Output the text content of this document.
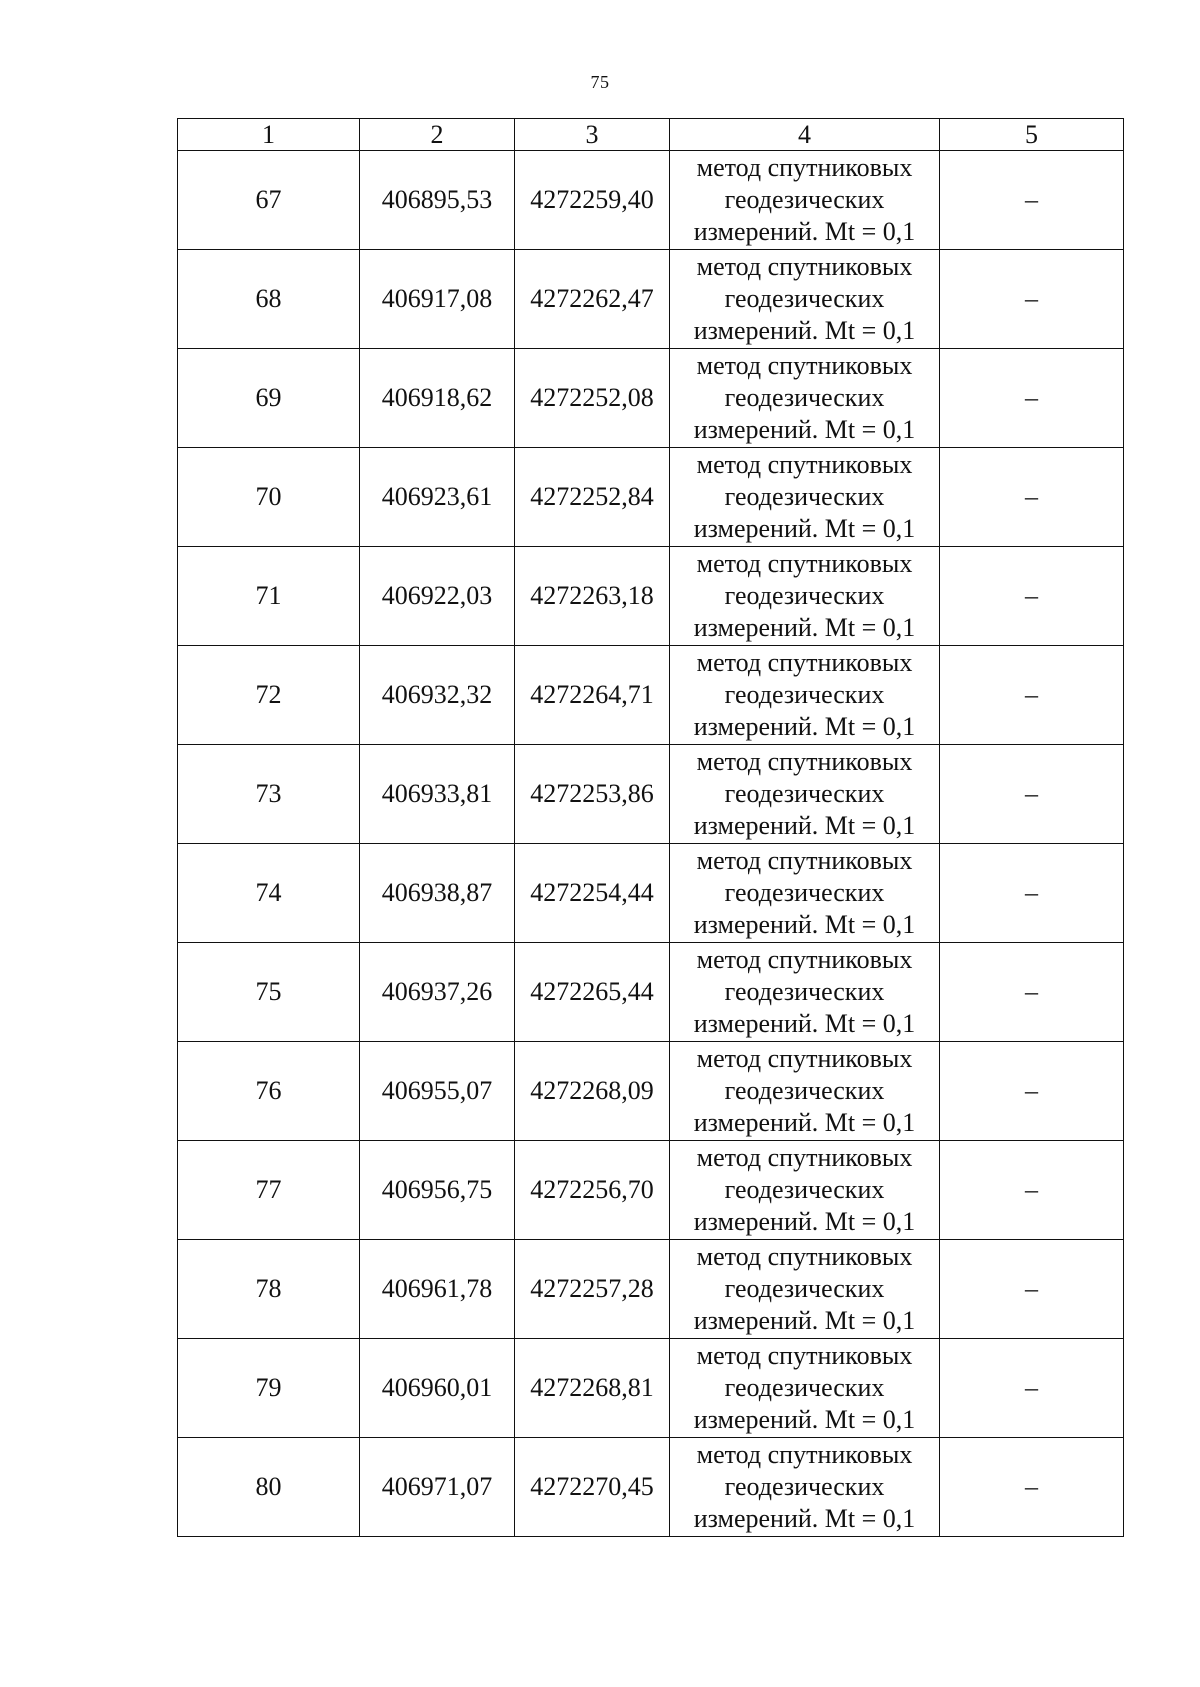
75
1	2	3	4	5
67	406895,53	4272259,40	метод спутниковых
геодезических
измерений. Mt = 0,1	–
68	406917,08	4272262,47	метод спутниковых
геодезических
измерений. Mt = 0,1	–
69	406918,62	4272252,08	метод спутниковых
геодезических
измерений. Mt = 0,1	–
70	406923,61	4272252,84	метод спутниковых
геодезических
измерений. Mt = 0,1	–
71	406922,03	4272263,18	метод спутниковых
геодезических
измерений. Mt = 0,1	–
72	406932,32	4272264,71	метод спутниковых
геодезических
измерений. Mt = 0,1	–
73	406933,81	4272253,86	метод спутниковых
геодезических
измерений. Mt = 0,1	–
74	406938,87	4272254,44	метод спутниковых
геодезических
измерений. Mt = 0,1	–
75	406937,26	4272265,44	метод спутниковых
геодезических
измерений. Mt = 0,1	–
76	406955,07	4272268,09	метод спутниковых
геодезических
измерений. Mt = 0,1	–
77	406956,75	4272256,70	метод спутниковых
геодезических
измерений. Mt = 0,1	–
78	406961,78	4272257,28	метод спутниковых
геодезических
измерений. Mt = 0,1	–
79	406960,01	4272268,81	метод спутниковых
геодезических
измерений. Mt = 0,1	–
80	406971,07	4272270,45	метод спутниковых
геодезических
измерений. Mt = 0,1	–
